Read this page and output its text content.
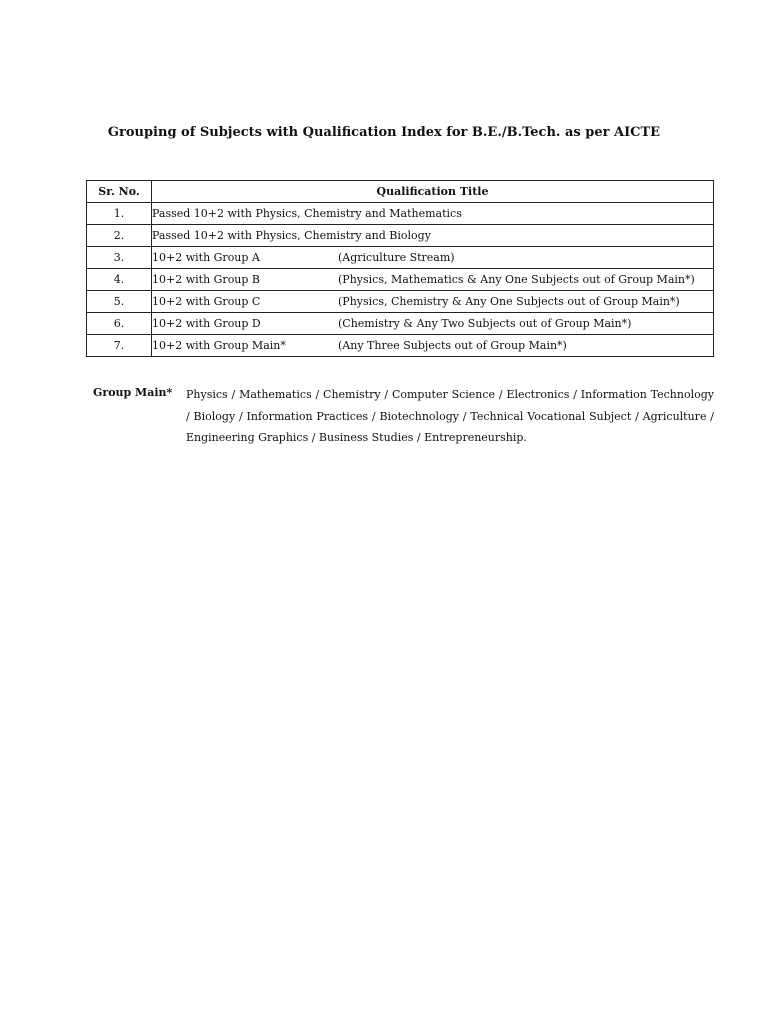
Grouping of Subjects with Qualification Index for B.E./B.Tech. as per AICTE
Sr. No.	Qualification Title
1.	Passed 10+2 with Physics, Chemistry and Mathematics
2.	Passed 10+2 with Physics, Chemistry and Biology
3.	10+2 with Group A (Agriculture Stream)
4.	10+2 with Group B (Physics, Mathematics & Any One Subjects out of Group Main*)
5.	10+2 with Group C (Physics, Chemistry & Any One Subjects out of Group Main*)
6.	10+2 with Group D (Chemistry & Any Two Subjects out of Group Main*)
7.	10+2 with Group Main* (Any Three Subjects out of Group Main*)
Group Main* Physics / Mathematics / Chemistry / Computer Science / Electronics / Information Technology / Biology / Information Practices / Biotechnology / Technical Vocational Subject / Agriculture / Engineering Graphics / Business Studies / Entrepreneurship.
